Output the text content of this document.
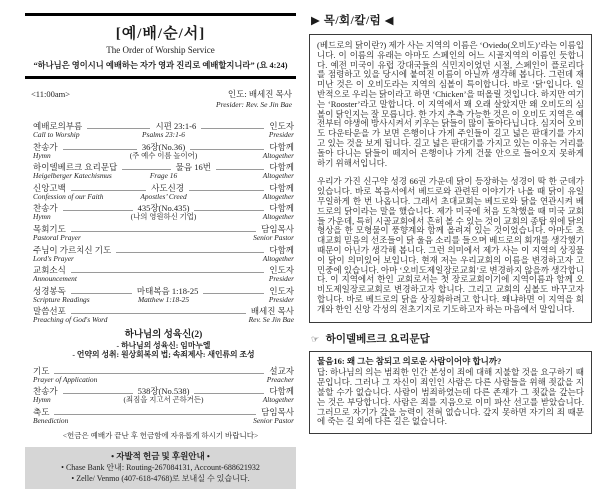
[예/배/순/서]
The Order of Worship Service
“하나님은 영이시니 예배하는 자가 영과 진리로 예배할지니라” (요 4:24)
<11:00am>	인도: 배세진 목사
Presider: Rev. Se Jin Bae
예배로의부름	시편 23:1-6	인도자
Call to Worship	Psalms 23:1-6	Presider
찬송가	36장(No.36)	다함께
Hymn	(주 예수 이름 높이어)	Altogether
하이델베르크 요리문답	물음 16번	다함께
Heigelberger Katechismus	Frage 16	Altogether
신앙고백	사도신경	다함께
Confession of our Faith	Apostles’ Creed	Altogether
찬송가	435장(No.435)	다함께
Hymn	(나의 영원하신 기업)	Altogether
목회기도	담임목사
Pastoral Prayer	Senior Pastor
주님이 가르치신 기도	다함께
Lord's Prayer	Altogether
교회소식	인도자
Announcement	Presider
성경봉독	마태복음 1:18-25	인도자
Scripture Readings	Matthew 1:18-25	Presider
말씀선포	배세진 목사
Preaching of God's Word	Rev. Se Jin Bae
하나님의 성육신(2)
- 하나님의 성육신: 임마누엘
- 언약의 성취: 원상회복의 법; 속죄제사: 새인류의 조성
기도	설교자
Prayer of Application	Preacher
찬송가	538장(No.538)	다함께
Hymn	(죄짐을 지고서 곤하거든)	Altogether
축도	담임목사
Benediction	Senior Pastor
<헌금은 예배가 끝난 후 헌금함에 자유롭게 하시기 바랍니다>
• 자발적 헌금 및 후원안내 •
• Chase Bank 안내: Routing-267084131, Account-688621932
• Zelle/ Venmo (407-618-4768)로 보내실 수 있습니다.
▶ 목/회/칼/럼 ◀

(베드로의 닭이란?) 제가 사는 지역의 이름은 ‘Oviedo(오비도)’라는 이름입니다. 이 이름의 유래는 아마도 스페인의 어느 시골지역의 이름인 듯합니다. 예전 미국이 유럽 강대국들의 식민지이었던 시절, 스페인이 플로리다를 점령하고 있을 당시에 붙여진 이름이 아닐까 생각해 봅니다. 그런데 재미난 것은 이 오비도라는 지역의 심볼이 특이합니다. 바로 ‘닭’입니다. 일반적으로 우리는 닭이라고 하면 ‘Chicken’을 떠올릴 것입니다. 하지만 여기는 ‘Rooster’라고 말합니다. 이 지역에서 꽤 오래 살았지만 왜 오비도의 심볼이 닭인지는 잘 모릅니다. 한 가지 추측 가능한 것은 이 오비도 지역은 예전부터 야생에 방사시켜서 키우는 닭들이 많이 돌아다닙니다. 심지어 오비도 다운타운을 가 보면 은행이나 가게 주인들이 길고 넓은 판대기를 가지고 있는 것을 보게 됩니다. 길고 넓은 판대기를 가지고 있는 이유는 거리를 돌아 다니는 닭들이 떼지어 은행이나 가게 건물 안으로 들어오지 못하게 하기 위해서입니다.

우리가 가진 신구약 성경 66권 가운데 닭이 등장하는 성경이 딱 한 군데가 있습니다. 바로 복음서에서 베드로와 관련된 이야기가 나올 때 닭이 유일무일하게 한 번 나옵니다. 그래서 초대교회는 베드로와 닭을 연관시켜 베드로의 닭이라는 말을 했습니다. 제가 미국에 처음 도착했을 때 미국 교회들 가운데, 특히 시골교회에서 흔히 볼 수 있는 것이 교회의 종탑 위에 닭의 형상을 한 모형물이 풍향계와 함께 올려져 있는 것이었습니다. 아마도 초대교회 믿음의 선조들이 닭 울음 소리를 들으며 베드로의 회개를 생각했기 때문이 아닌가 생각해 봅니다. 그런 의미에서 제가 사는 이 지역의 상징물이 닭이 의미있어 보입니다. 현재 저는 우리교회의 이름을 변경하고자 고민중에 있습니다. 아마 ‘오비도제일장로교회’로 변경하지 않을까 생각합니다. 이 지역에서 한인 교회로서는 첫 장로교회이기에 지역이름과 함께 오비도제일장로교회로 변경하고자 합니다. 그리고 교회의 심볼도 바꾸고자 합니다. 바로 베드로의 닭을 상징화하려고 합니다. 왜냐하면 이 지역을 회개와 한인 신앙 각성의 전초기지로 기도하고자 하는 마음에서 말입니다.

☞ 하이델베르크 요리문답

물음16: 왜 그는 참되고 의로운 사람이어야 합니까?

답: 하나님의 의는 범죄한 인간 본성이 죄에 대해 지불할 것을 요구하기 때문입니다. 그러나 그 자신이 죄인인 사람은 다른 사람들을 위해 죗값을 지불할 수가 없습니다. 사람이 범죄하였는데 다른 존재가 그 죗값을 갚는다는 것은 부당합니다. 사람은 죄를 지음으로 이미 파산 선고를 받았습니다. 그러므로 자기가 갚을 능력이 전혀 없습니다. 갚지 못하면 자기의 죄 때문에 죽는 길 외에 다른 길은 없습니다.
